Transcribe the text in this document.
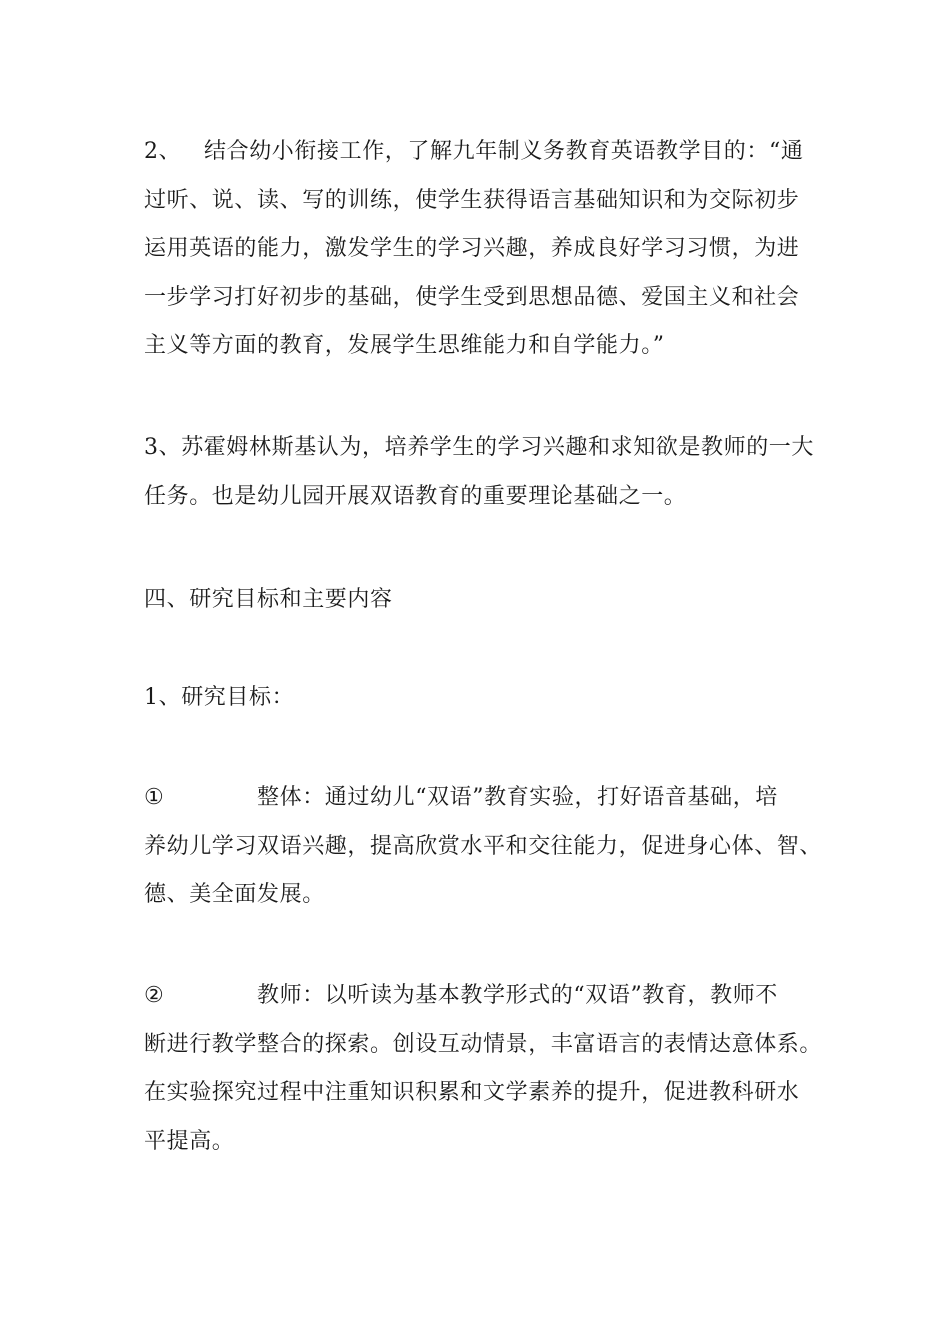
2、 结合幼小衔接工作，了解九年制义务教育英语教学目的：“通
过听、说、读、写的训练，使学生获得语言基础知识和为交际初步
运用英语的能力，激发学生的学习兴趣，养成良好学习习惯，为进
一步学习打好初步的基础，使学生受到思想品德、爱国主义和社会
主义等方面的教育，发展学生思维能力和自学能力。”
3、苏霍姆林斯基认为，培养学生的学习兴趣和求知欲是教师的一大
任务。也是幼儿园开展双语教育的重要理论基础之一。
四、研究目标和主要内容
1、研究目标：
①	整体：通过幼儿“双语”教育实验，打好语音基础，培
养幼儿学习双语兴趣，提高欣赏水平和交往能力，促进身心体、智、
德、美全面发展。
②	教师：以听读为基本教学形式的“双语”教育，教师不
断进行教学整合的探索。创设互动情景，丰富语言的表情达意体系。
在实验探究过程中注重知识积累和文学素养的提升，促进教科研水
平提高。
